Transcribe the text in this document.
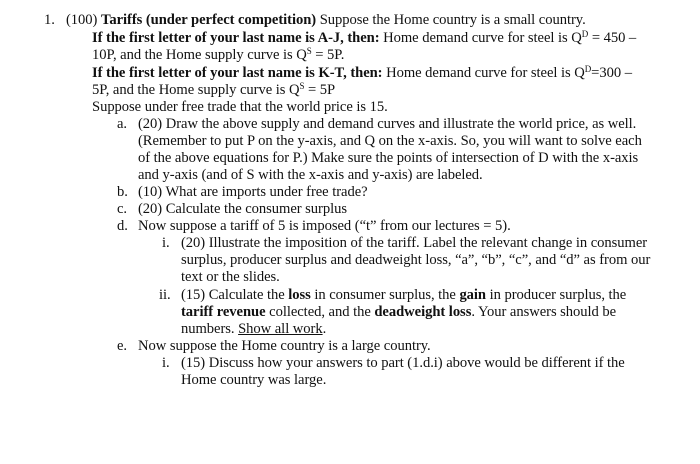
1. (100) Tariffs (under perfect competition) Suppose the Home country is a small country.
If the first letter of your last name is A-J, then: Home demand curve for steel is $Q^D = 450$ –
10P, and the Home supply curve is $Q^S = 5P$.
If the first letter of your last name is K-T, then: Home demand curve for steel is $Q^D=300$ –
5P, and the Home supply curve is $Q^S = 5P$
Suppose under free trade that the world price is 15.
a. (20) Draw the above supply and demand curves and illustrate the world price, as well.
(Remember to put P on the y-axis, and Q on the x-axis. So, you will want to solve each
of the above equations for P.) Make sure the points of intersection of D with the x-axis
and y-axis (and of S with the x-axis and y-axis) are labeled.
b. (10) What are imports under free trade?
c. (20) Calculate the consumer surplus
d. Now suppose a tariff of 5 is imposed (“t” from our lectures = 5).
i. (20) Illustrate the imposition of the tariff. Label the relevant change in consumer
surplus, producer surplus and deadweight loss, “a”, “b”, “c”, and “d” as from our
text or the slides.
ii. (15) Calculate the loss in consumer surplus, the gain in producer surplus, the
tariff revenue collected, and the deadweight loss. Your answers should be
numbers. Show all work.
e. Now suppose the Home country is a large country.
i. (15) Discuss how your answers to part (1.d.i) above would be different if the
Home country was large.
